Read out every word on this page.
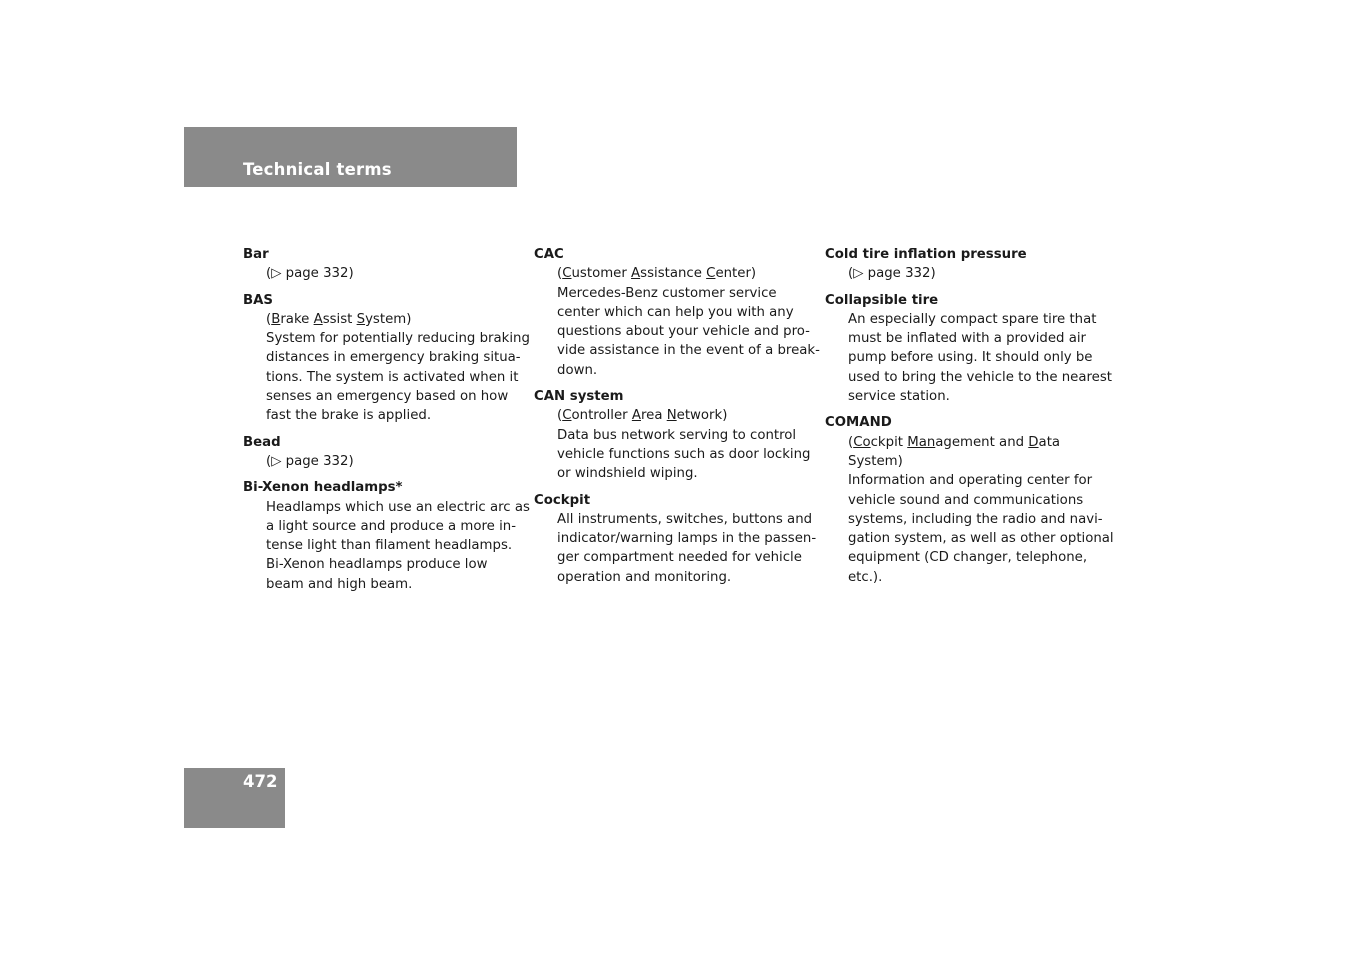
Technical terms
Bar
(▷ page 332)
BAS
(Brake Assist System)
System for potentially reducing braking
distances in emergency braking situa-
tions. The system is activated when it
senses an emergency based on how
fast the brake is applied.
Bead
(▷ page 332)
Bi-Xenon headlamps*
Headlamps which use an electric arc as
a light source and produce a more in-
tense light than filament headlamps.
Bi-Xenon headlamps produce low
beam and high beam.
CAC
(Customer Assistance Center)
Mercedes-Benz customer service
center which can help you with any
questions about your vehicle and pro-
vide assistance in the event of a break-
down.
CAN system
(Controller Area Network)
Data bus network serving to control
vehicle functions such as door locking
or windshield wiping.
Cockpit
All instruments, switches, buttons and
indicator/warning lamps in the passen-
ger compartment needed for vehicle
operation and monitoring.
Cold tire inflation pressure
(▷ page 332)
Collapsible tire
An especially compact spare tire that
must be inflated with a provided air
pump before using. It should only be
used to bring the vehicle to the nearest
service station.
COMAND
(Cockpit Management and Data
System)
Information and operating center for
vehicle sound and communications
systems, including the radio and navi-
gation system, as well as other optional
equipment (CD changer, telephone,
etc.).
472
